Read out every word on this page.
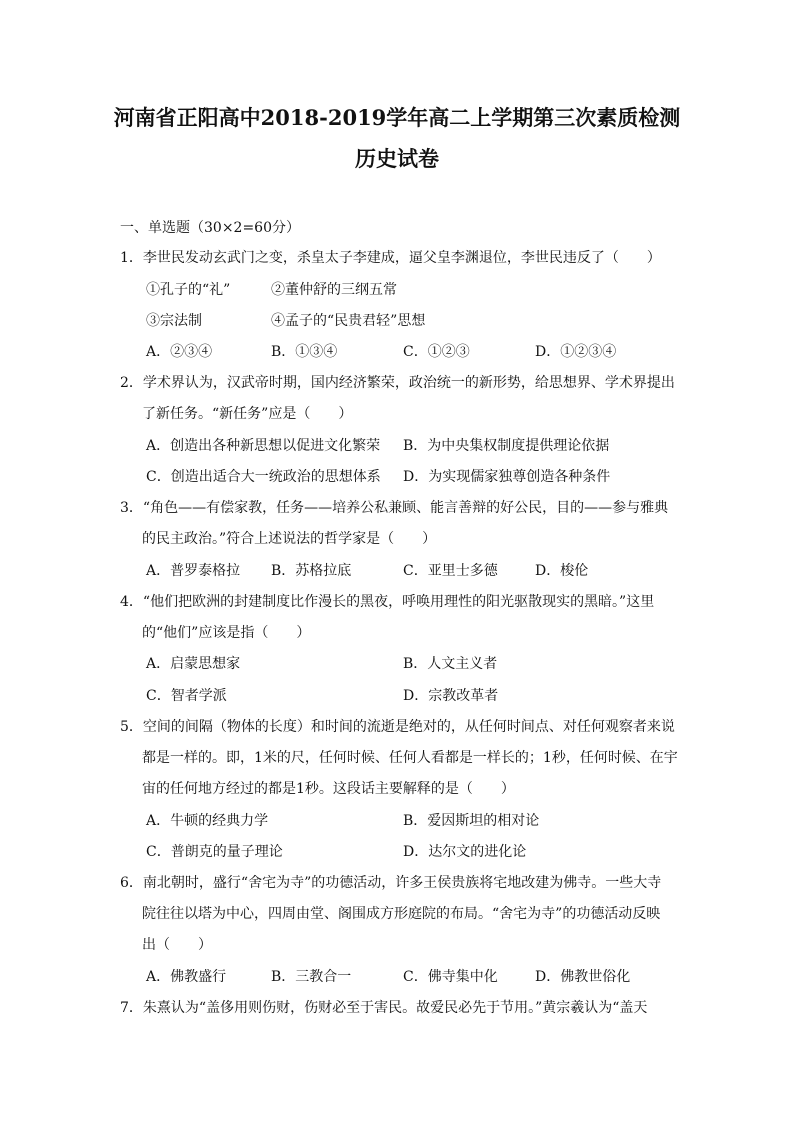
河南省正阳高中2018-2019学年高二上学期第三次素质检测
历史试卷
一、单选题（30×2=60分）
1．李世民发动玄武门之变，杀皇太子李建成，逼父皇李渊退位，李世民违反了（　　）
①孔子的“礼”	②董仲舒的三纲五常
③宗法制	④孟子的“民贵君轻”思想
A．②③④	B．①③④	C．①②③	D．①②③④
2．学术界认为，汉武帝时期，国内经济繁荣，政治统一的新形势，给思想界、学术界提出
了新任务。“新任务”应是（　　）
A．创造出各种新思想以促进文化繁荣 B．为中央集权制度提供理论依据
C．创造出适合大一统政治的思想体系 D．为实现儒家独尊创造各种条件
3．“角色——有偿家教，任务——培养公私兼顾、能言善辩的好公民，目的——参与雅典
的民主政治。”符合上述说法的哲学家是（　　）
A．普罗泰格拉 B．苏格拉底	C．亚里士多德	D．梭伦
4．“他们把欧洲的封建制度比作漫长的黑夜，呼唤用理性的阳光驱散现实的黑暗。”这里
的“他们”应该是指（　　）
A．启蒙思想家	B．人文主义者
C．智者学派	D．宗教改革者
5．空间的间隔（物体的长度）和时间的流逝是绝对的，从任何时间点、对任何观察者来说
都是一样的。即，1米的尺，任何时候、任何人看都是一样长的；1秒，任何时候、在宇
宙的任何地方经过的都是1秒。这段话主要解释的是（　　）
A．牛顿的经典力学	B．爱因斯坦的相对论
C．普朗克的量子理论	D．达尔文的进化论
6．南北朝时，盛行“舍宅为寺”的功德活动，许多王侯贵族将宅地改建为佛寺。一些大寺
院往往以塔为中心，四周由堂、阁围成方形庭院的布局。“舍宅为寺”的功德活动反映
出（　　）
A．佛教盛行	B．三教合一	C．佛寺集中化	D．佛教世俗化
7．朱熹认为“盖侈用则伤财，伤财必至于害民。故爱民必先于节用。”黄宗羲认为“盖天
